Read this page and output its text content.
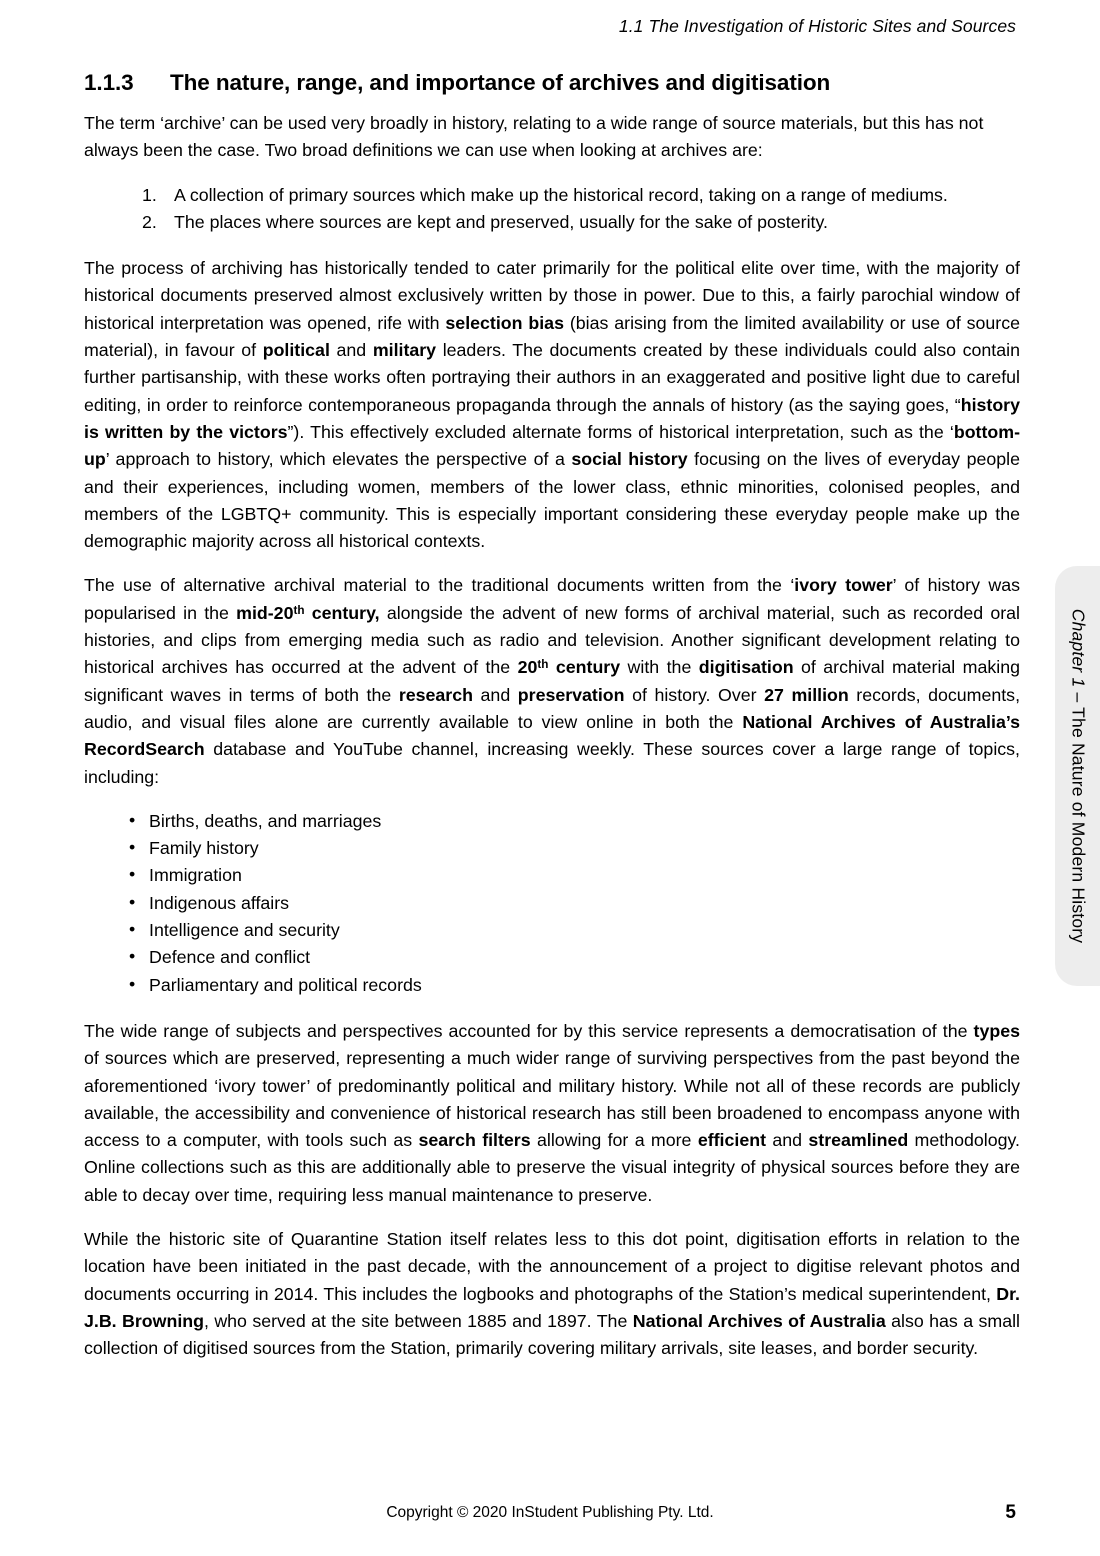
1.1 The Investigation of Historic Sites and Sources
1.1.3	The nature, range, and importance of archives and digitisation

The term ‘archive’ can be used very broadly in history, relating to a wide range of source materials, but this has not always been the case. Two broad definitions we can use when looking at archives are:

A collection of primary sources which make up the historical record, taking on a range of mediums.
The places where sources are kept and preserved, usually for the sake of posterity.

The process of archiving has historically tended to cater primarily for the political elite over time, with the majority of historical documents preserved almost exclusively written by those in power. Due to this, a fairly parochial window of historical interpretation was opened, rife with selection bias (bias arising from the limited availability or use of source material), in favour of political and military leaders. The documents created by these individuals could also contain further partisanship, with these works often portraying their authors in an exaggerated and positive light due to careful editing, in order to reinforce contemporaneous propaganda through the annals of history (as the saying goes, “history is written by the victors”). This effectively excluded alternate forms of historical interpretation, such as the ‘bottom-up’ approach to history, which elevates the perspective of a social history focusing on the lives of everyday people and their experiences, including women, members of the lower class, ethnic minorities, colonised peoples, and members of the LGBTQ+ community. This is especially important considering these everyday people make up the demographic majority across all historical contexts.

The use of alternative archival material to the traditional documents written from the ‘ivory tower’ of history was popularised in the mid-20th century, alongside the advent of new forms of archival material, such as recorded oral histories, and clips from emerging media such as radio and television. Another significant development relating to historical archives has occurred at the advent of the 20th century with the digitisation of archival material making significant waves in terms of both the research and preservation of history. Over 27 million records, documents, audio, and visual files alone are currently available to view online in both the National Archives of Australia’s RecordSearch database and YouTube channel, increasing weekly. These sources cover a large range of topics, including:

• Births, deaths, and marriages
• Family history
• Immigration
• Indigenous affairs
• Intelligence and security
• Defence and conflict
• Parliamentary and political records

The wide range of subjects and perspectives accounted for by this service represents a democratisation of the types of sources which are preserved, representing a much wider range of surviving perspectives from the past beyond the aforementioned ‘ivory tower’ of predominantly political and military history. While not all of these records are publicly available, the accessibility and convenience of historical research has still been broadened to encompass anyone with access to a computer, with tools such as search filters allowing for a more efficient and streamlined methodology. Online collections such as this are additionally able to preserve the visual integrity of physical sources before they are able to decay over time, requiring less manual maintenance to preserve.

While the historic site of Quarantine Station itself relates less to this dot point, digitisation efforts in relation to the location have been initiated in the past decade, with the announcement of a project to digitise relevant photos and documents occurring in 2014. This includes the logbooks and photographs of the Station’s medical superintendent, Dr. J.B. Browning, who served at the site between 1885 and 1897. The National Archives of Australia also has a small collection of digitised sources from the Station, primarily covering military arrivals, site leases, and border security.

Chapter 1 – The Nature of Modern History
Copyright © 2020 InStudent Publishing Pty. Ltd.	5
